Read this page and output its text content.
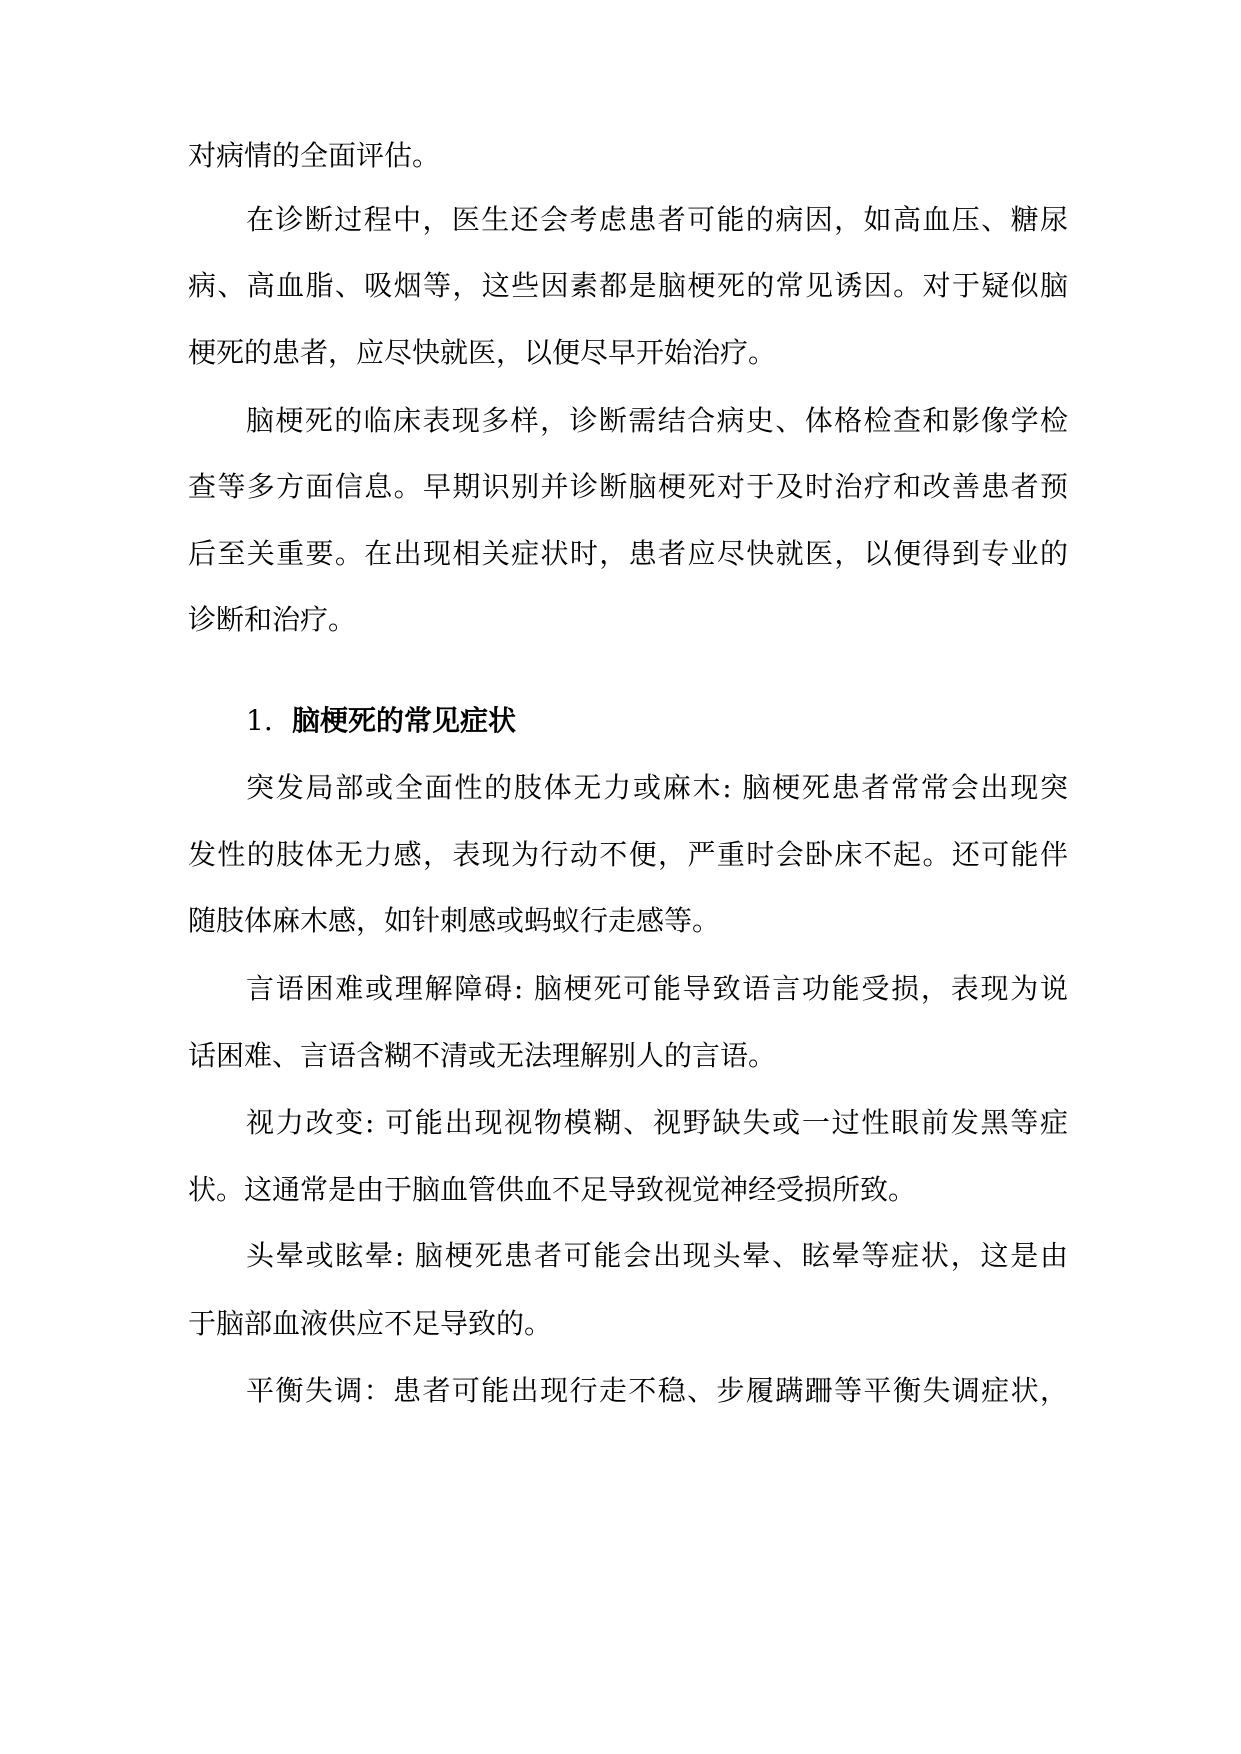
对病情的全面评估。

在诊断过程中，医生还会考虑患者可能的病因，如高血压、糖尿

病、高血脂、吸烟等，这些因素都是脑梗死的常见诱因。对于疑似脑

梗死的患者，应尽快就医，以便尽早开始治疗。

脑梗死的临床表现多样，诊断需结合病史、体格检查和影像学检

查等多方面信息。早期识别并诊断脑梗死对于及时治疗和改善患者预

后至关重要。在出现相关症状时，患者应尽快就医，以便得到专业的

诊断和治疗。

1. 脑梗死的常见症状

突发局部或全面性的肢体无力或麻木: 脑梗死患者常常会出现突

发性的肢体无力感，表现为行动不便，严重时会卧床不起。还可能伴

随肢体麻木感，如针刺感或蚂蚁行走感等。

言语困难或理解障碍: 脑梗死可能导致语言功能受损，表现为说

话困难、言语含糊不清或无法理解别人的言语。

视力改变: 可能出现视物模糊、视野缺失或一过性眼前发黑等症

状。这通常是由于脑血管供血不足导致视觉神经受损所致。

头晕或眩晕: 脑梗死患者可能会出现头晕、眩晕等症状，这是由

于脑部血液供应不足导致的。

平衡失调：患者可能出现行走不稳、步履蹒跚等平衡失调症状，
